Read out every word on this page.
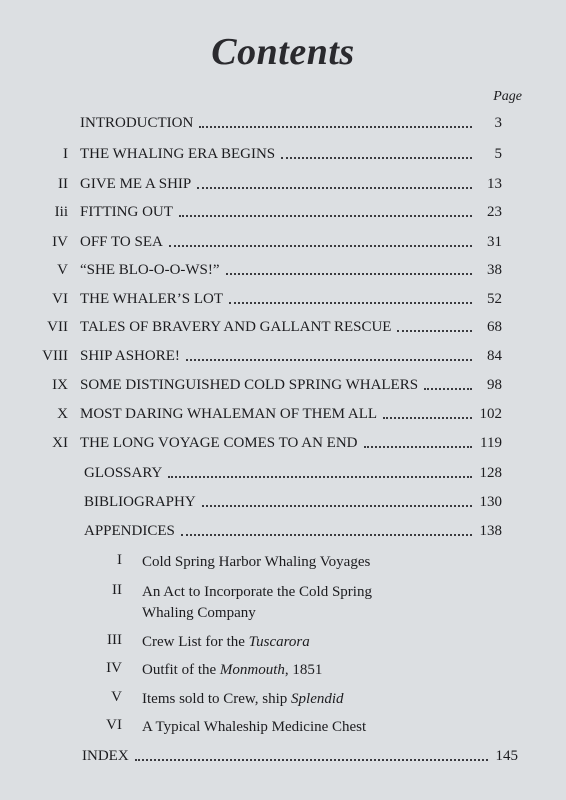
Contents
Page
INTRODUCTION	3
I THE WHALING ERA BEGINS	5
II GIVE ME A SHIP	13
Iii FITTING OUT	23
IV OFF TO SEA	31
V “SHE BLO-O-O-WS!”	38
VI THE WHALER’S LOT	52
VII TALES OF BRAVERY AND GALLANT RESCUE	68
VIII SHIP ASHORE!	84
IX SOME DISTINGUISHED COLD SPRING WHALERS	98
X MOST DARING WHALEMAN OF THEM ALL	102
XI THE LONG VOYAGE COMES TO AN END	119
GLOSSARY	128
BIBLIOGRAPHY	130
APPENDICES	138
I Cold Spring Harbor Whaling Voyages
II An Act to Incorporate the Cold Spring
Whaling Company
III Crew List for the Tuscarora
IV Outfit of the Monmouth, 1851
V Items sold to Crew, ship Splendid
VI A Typical Whaleship Medicine Chest
INDEX	145
